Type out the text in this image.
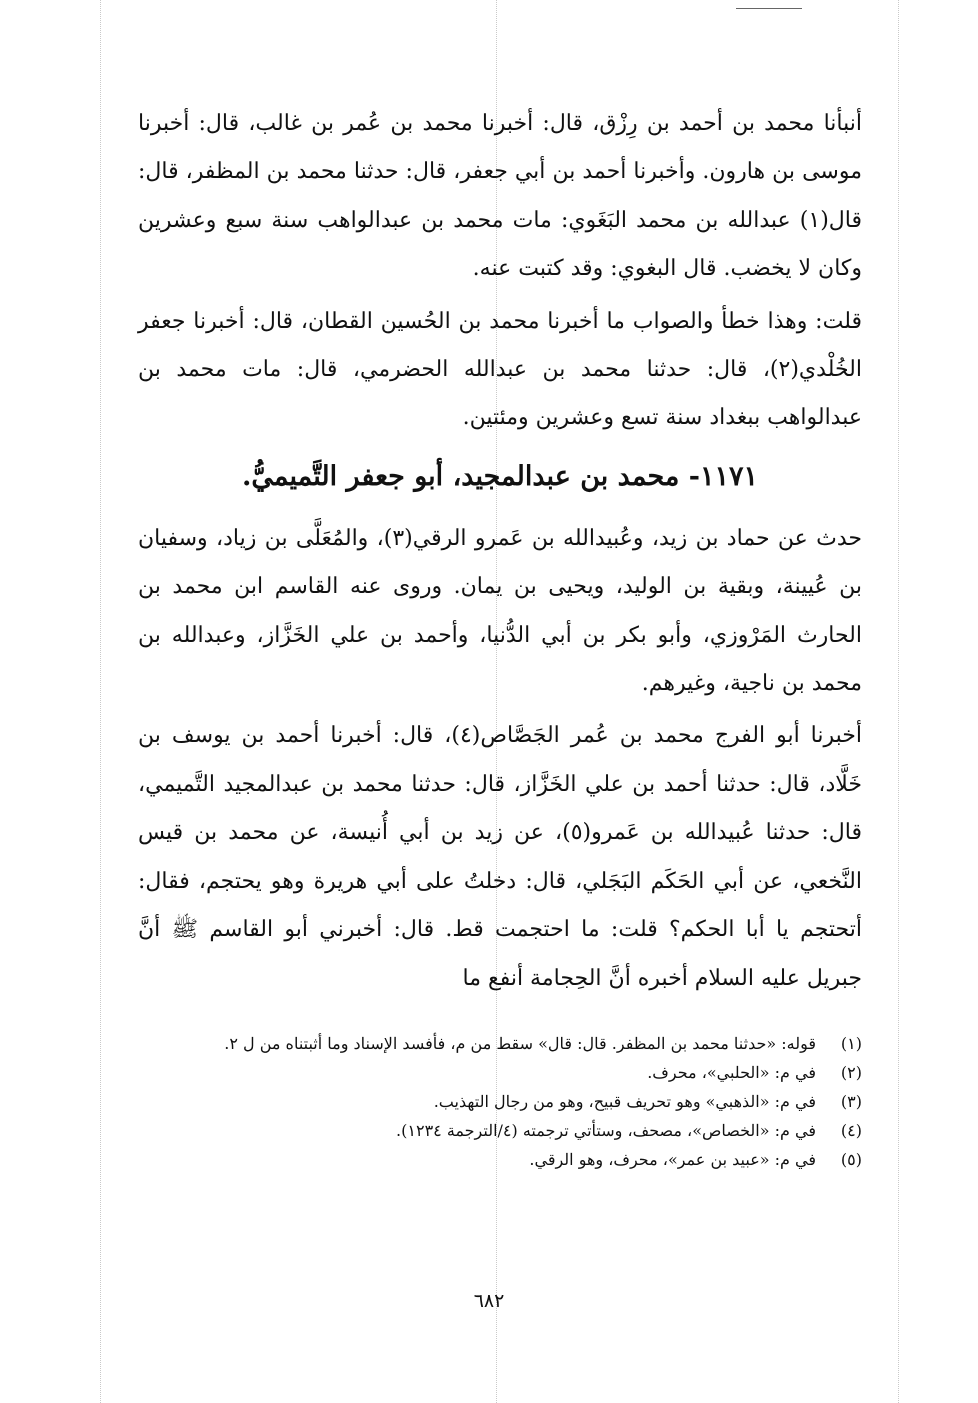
أنبأنا محمد بن أحمد بن رِزْق، قال: أخبرنا محمد بن عُمر بن غالب، قال: أخبرنا موسى بن هارون. وأخبرنا أحمد بن أبي جعفر، قال: حدثنا محمد بن المظفر، قال: قال(١) عبدالله بن محمد البَغَوي: مات محمد بن عبدالواهب سنة سبع وعشرين وكان لا يخضب. قال البغوي: وقد كتبت عنه.

قلت: وهذا خطأ والصواب ما أخبرنا محمد بن الحُسين القطان، قال: أخبرنا جعفر الخُلْدي(٢)، قال: حدثنا محمد بن عبدالله الحضرمي، قال: مات محمد بن عبدالواهب ببغداد سنة تسع وعشرين ومئتين.

١١٧١- محمد بن عبدالمجيد، أبو جعفر التَّميميُّ.

حدث عن حماد بن زيد، وعُبيدالله بن عَمرو الرقي(٣)، والمُعَلَّى بن زياد، وسفيان بن عُيينة، وبقية بن الوليد، ويحيى بن يمان. وروى عنه القاسم ابن محمد بن الحارث المَرْوزي، وأبو بكر بن أبي الدُّنيا، وأحمد بن علي الخَزَّاز، وعبدالله بن محمد بن ناجية، وغيرهم.

أخبرنا أبو الفرج محمد بن عُمر الجَصَّاص(٤)، قال: أخبرنا أحمد بن يوسف بن خَلَّاد، قال: حدثنا أحمد بن علي الخَزَّاز، قال: حدثنا محمد بن عبدالمجيد التَّميمي، قال: حدثنا عُبيدالله بن عَمرو(٥)، عن زيد بن أبي أُنيسة، عن محمد بن قيس النَّخعي، عن أبي الحَكَم البَجَلي، قال: دخلتُ على أبي هريرة وهو يحتجم، فقال: أتحتجم يا أبا الحكم؟ قلت: ما احتجمت قط. قال: أخبرني أبو القاسم ﷺ أنَّ جبريل عليه السلام أخبره أنَّ الحِجامة أنفع ما

(١)
قوله: «حدثنا محمد بن المظفر. قال: قال» سقط من م، فأفسد الإسناد وما أثبتناه من ل ٢.
(٢)
في م: «الحلبي»، محرف.
(٣)
في م: «الذهبي» وهو تحريف قبيح، وهو من رجال التهذيب.
(٤)
في م: «الخصاص»، مصحف، وستأتي ترجمته (٤/الترجمة ١٢٣٤).
(٥)
في م: «عبيد بن عمر»، محرف، وهو الرقي.
٦٨٢
